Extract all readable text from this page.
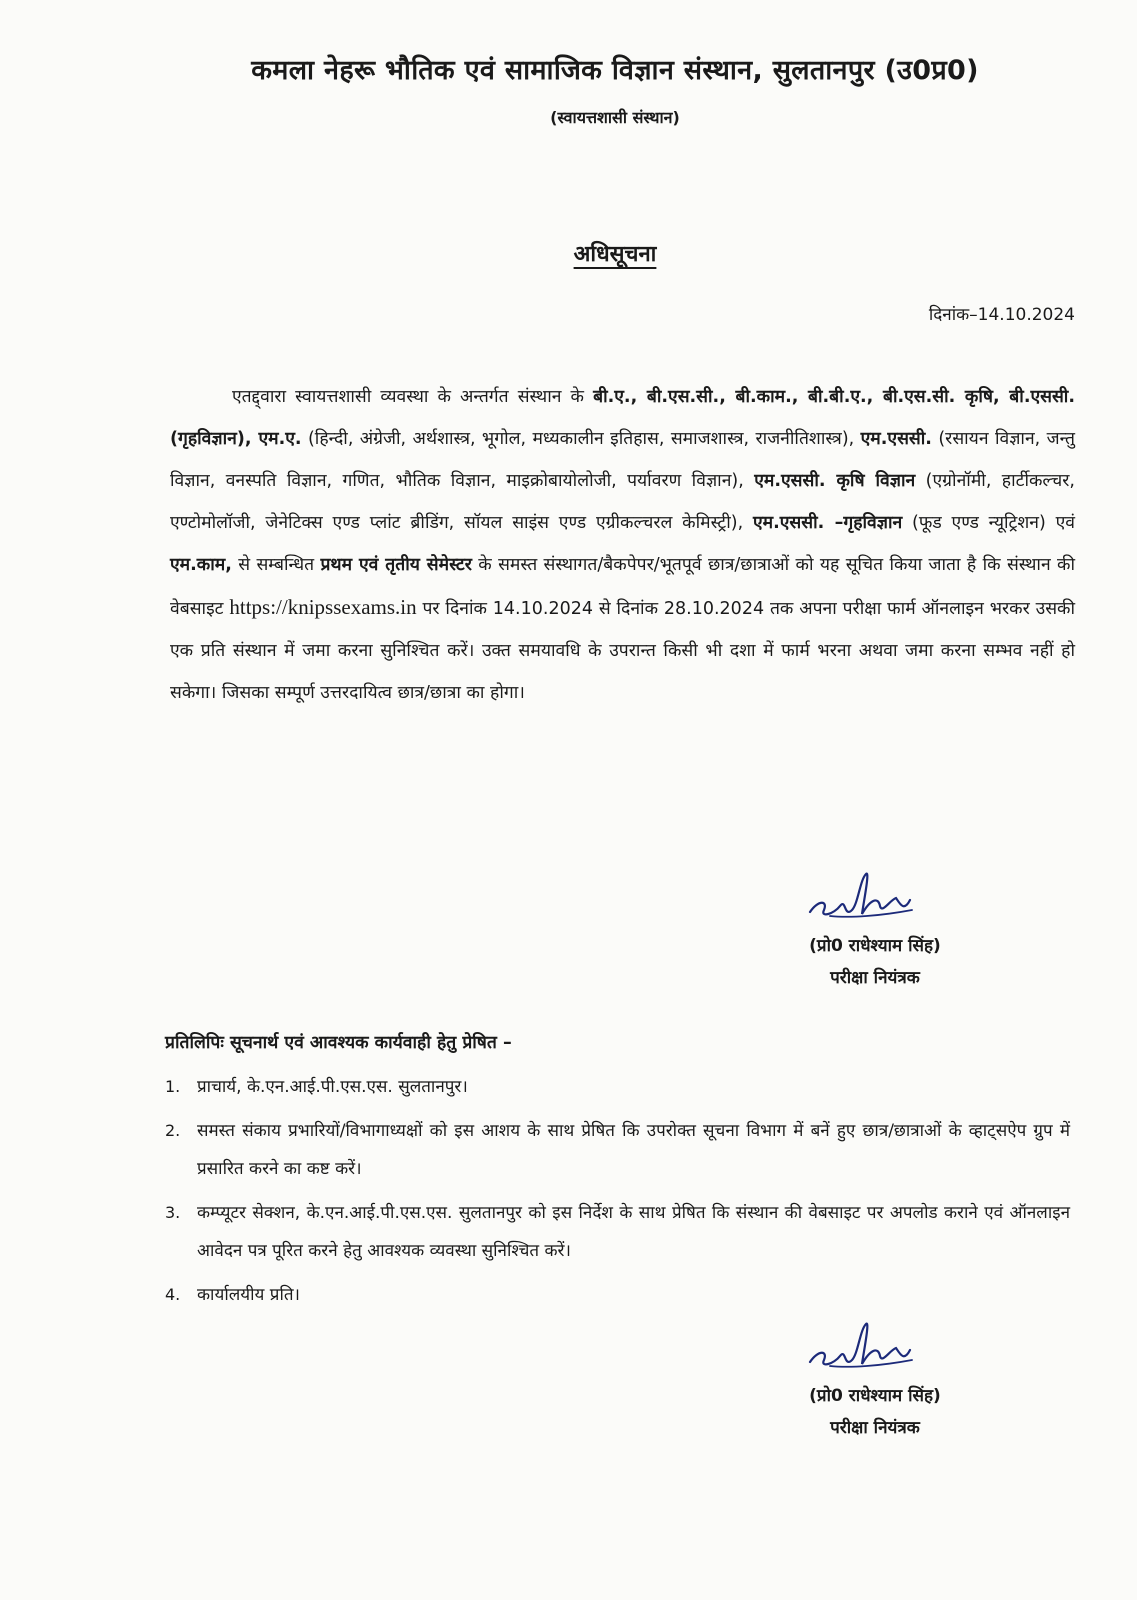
कमला नेहरू भौतिक एवं सामाजिक विज्ञान संस्थान, सुलतानपुर (उ0प्र0)
(स्वायत्तशासी संस्थान)
अधिसूचना
दिनांक–14.10.2024
एतद्द्वारा स्वायत्तशासी व्यवस्था के अन्तर्गत संस्थान के बी.ए., बी.एस.सी., बी.काम., बी.बी.ए., बी.एस.सी. कृषि, बी.एससी. (गृहविज्ञान), एम.ए. (हिन्दी, अंग्रेजी, अर्थशास्त्र, भूगोल, मध्यकालीन इतिहास, समाजशास्त्र, राजनीतिशास्त्र), एम.एससी. (रसायन विज्ञान, जन्तु विज्ञान, वनस्पति विज्ञान, गणित, भौतिक विज्ञान, माइक्रोबायोलोजी, पर्यावरण विज्ञान), एम.एससी. कृषि विज्ञान (एग्रोनॉमी, हार्टीकल्चर, एण्टोमोलॉजी, जेनेटिक्स एण्ड प्लांट ब्रीडिंग, सॉयल साइंस एण्ड एग्रीकल्चरल केमिस्ट्री), एम.एससी. –गृहविज्ञान (फूड एण्ड न्यूट्रिशन) एवं एम.काम, से सम्बन्धित प्रथम एवं तृतीय सेमेस्टर के समस्त संस्थागत/बैकपेपर/भूतपूर्व छात्र/छात्राओं को यह सूचित किया जाता है कि संस्थान की वेबसाइट https://knipssexams.in पर दिनांक 14.10.2024 से दिनांक 28.10.2024 तक अपना परीक्षा फार्म ऑनलाइन भरकर उसकी एक प्रति संस्थान में जमा करना सुनिश्चित करें। उक्त समयावधि के उपरान्त किसी भी दशा में फार्म भरना अथवा जमा करना सम्भव नहीं हो सकेगा। जिसका सम्पूर्ण उत्तरदायित्व छात्र/छात्रा का होगा।
(प्रो0 राधेश्याम सिंह)
परीक्षा नियंत्रक
प्रतिलिपिः सूचनार्थ एवं आवश्यक कार्यवाही हेतु प्रेषित –
1. प्राचार्य, के.एन.आई.पी.एस.एस. सुलतानपुर।
2. समस्त संकाय प्रभारियों/विभागाध्यक्षों को इस आशय के साथ प्रेषित कि उपरोक्त सूचना विभाग में बनें हुए छात्र/छात्राओं के व्हाट्सऐप ग्रुप में प्रसारित करने का कष्ट करें।
3. कम्प्यूटर सेक्शन, के.एन.आई.पी.एस.एस. सुलतानपुर को इस निर्देश के साथ प्रेषित कि संस्थान की वेबसाइट पर अपलोड कराने एवं ऑनलाइन आवेदन पत्र पूरित करने हेतु आवश्यक व्यवस्था सुनिश्चित करें।
4. कार्यालयीय प्रति।
(प्रो0 राधेश्याम सिंह)
परीक्षा नियंत्रक
